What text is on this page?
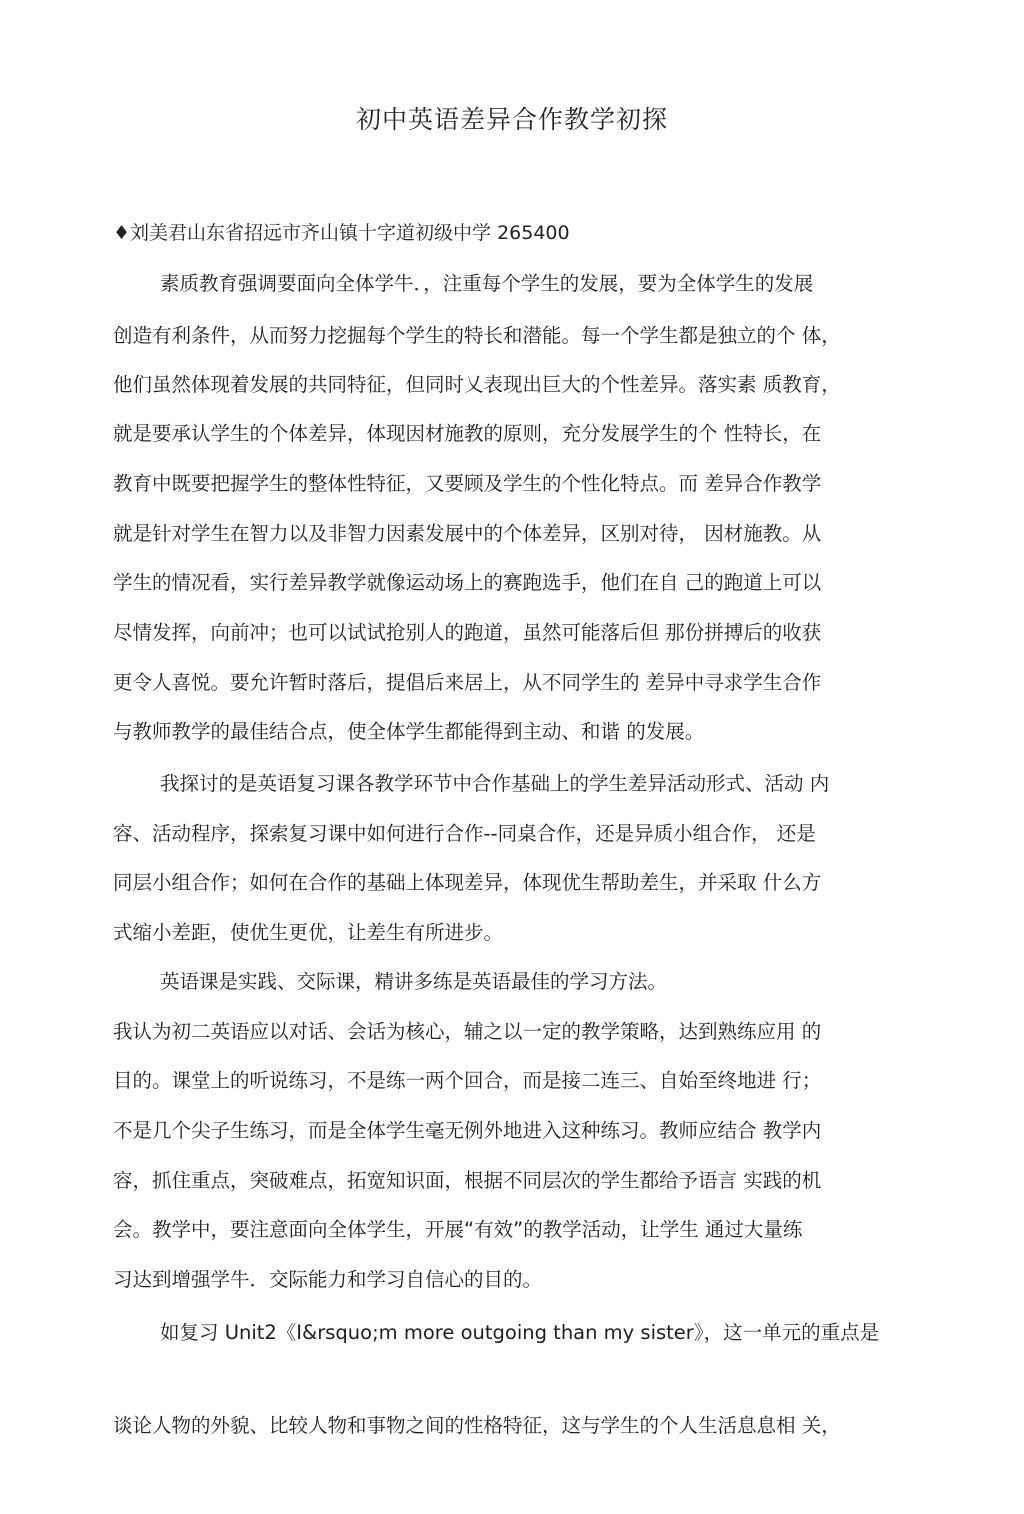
初中英语差异合作教学初探
♦刘美君山东省招远市齐山镇十字道初级中学 265400
素质教育强调要面向全体学牛．，注重每个学生的发展，要为全体学生的发展
创造有利条件，从而努力挖掘每个学生的特长和潜能。每一个学生都是独立的个 体，
他们虽然体现着发展的共同特征，但同时乂表现出巨大的个性差异。落实素 质教育，
就是要承认学生的个体差异，体现因材施教的原则，充分发展学生的个 性特长，在
教育中既要把握学生的整体性特征，又要顾及学生的个性化特点。而 差异合作教学
就是针对学生在智力以及非智力因素发展中的个体差异，区别对待， 因材施教。从
学生的情况看，实行差异教学就像运动场上的赛跑选手，他们在自 己的跑道上可以
尽情发挥，向前冲；也可以试试抢别人的跑道，虽然可能落后但 那份拼搏后的收获
更令人喜悦。要允许暂时落后，提倡后来居上，从不同学生的 差异中寻求学生合作
与教师教学的最佳结合点，使全体学生都能得到主动、和谐 的发展。
我探讨的是英语复习课各教学环节中合作基础上的学生差异活动形式、活动 内
容、活动程序，探索复习课中如何进行合作--同桌合作，还是异质小组合作， 还是
同层小组合作；如何在合作的基础上体现差异，体现优生帮助差生，并采取 什么方
式缩小差距，使优生更优，让差生有所进步。
英语课是实践、交际课，精讲多练是英语最佳的学习方法。
我认为初二英语应以对话、会话为核心，辅之以一定的教学策略，达到熟练应用 的
目的。课堂上的听说练习，不是练一两个回合，而是接二连三、自始至终地进 行；
不是几个尖子生练习，而是全体学生毫无例外地进入这种练习。教师应结合 教学内
容，抓住重点，突破难点，拓宽知识面，根据不同层次的学生都给予语言 实践的机
会。教学中，要注意面向全体学生，开展“有效”的教学活动，让学生 通过大量练
习达到增强学牛．交际能力和学习自信心的目的。
如复习 Unit2《I&rsquo;m more outgoing than my sister》，这一单元的重点是
谈论人物的外貌、比较人物和事物之间的性格特征，这与学生的个人生活息息相 关，
